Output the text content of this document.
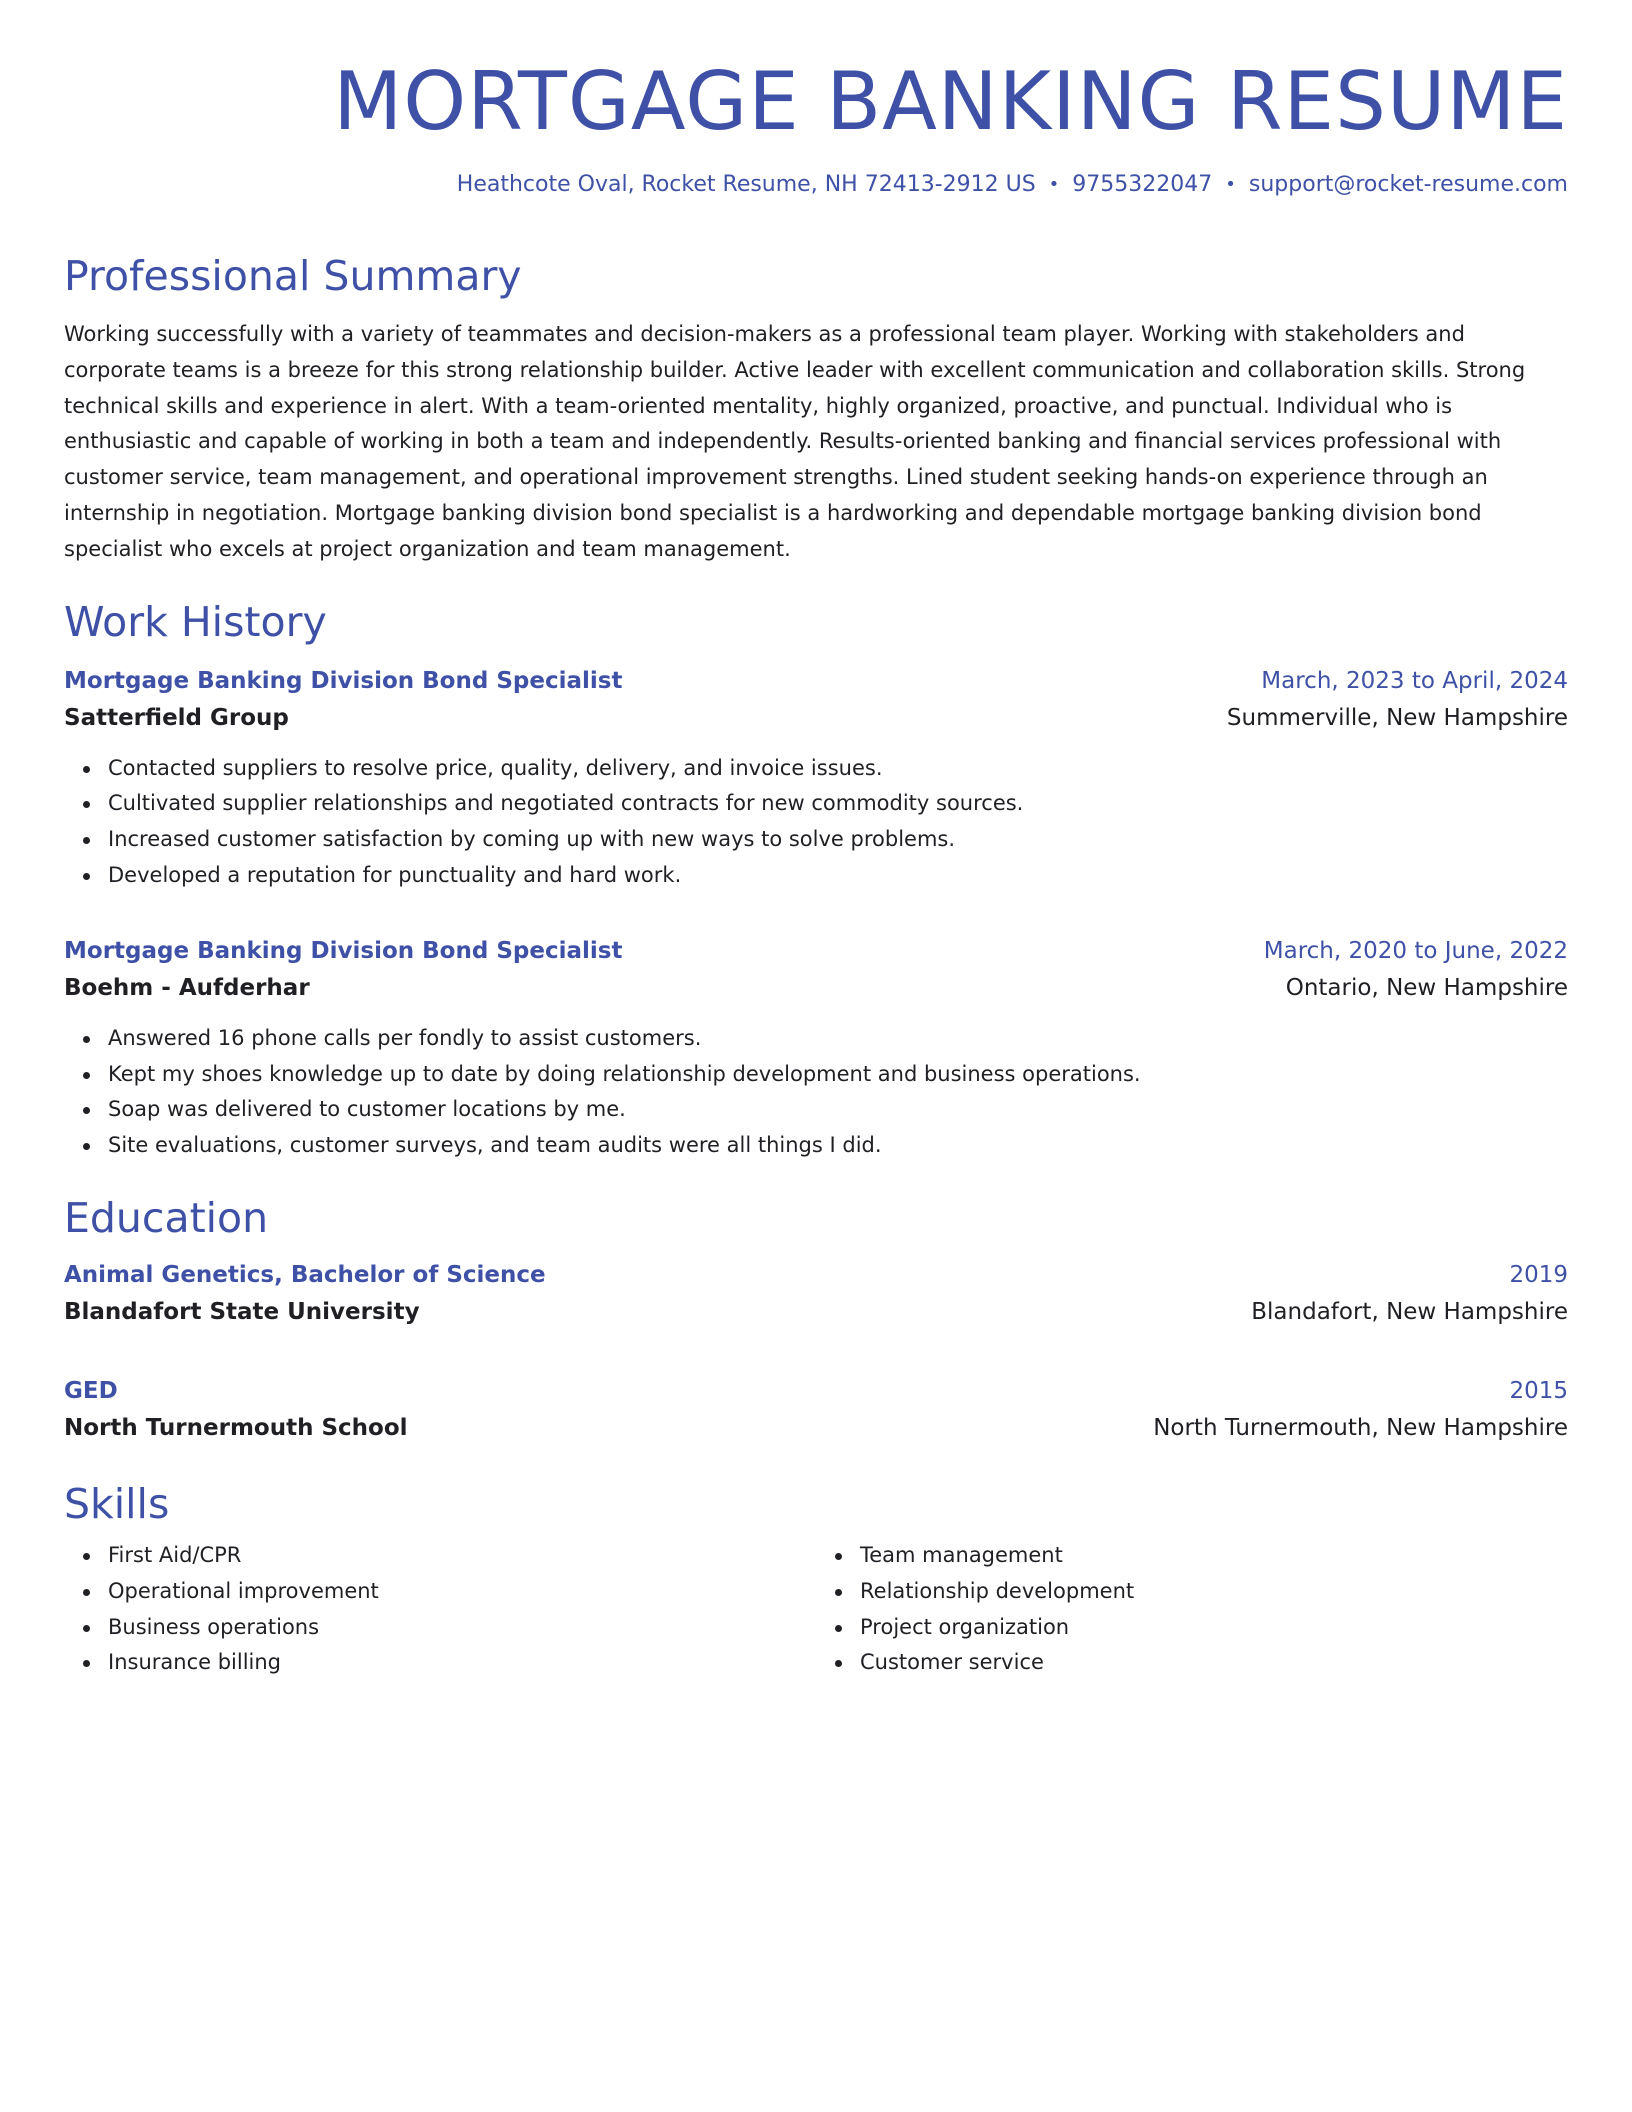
MORTGAGE BANKING RESUME
Heathcote Oval, Rocket Resume, NH 72413-2912 US • 9755322047 • support@rocket-resume.com
Professional Summary

Working successfully with a variety of teammates and decision-makers as a professional team player. Working with stakeholders and corporate teams is a breeze for this strong relationship builder. Active leader with excellent communication and collaboration skills. Strong technical skills and experience in alert. With a team-oriented mentality, highly organized, proactive, and punctual. Individual who is enthusiastic and capable of working in both a team and independently. Results-oriented banking and financial services professional with customer service, team management, and operational improvement strengths. Lined student seeking hands-on experience through an internship in negotiation. Mortgage banking division bond specialist is a hardworking and dependable mortgage banking division bond specialist who excels at project organization and team management.

Work History
Mortgage Banking Division Bond Specialist	March, 2023 to April, 2024
Satterfield Group	Summerville, New Hampshire
Contacted suppliers to resolve price, quality, delivery, and invoice issues.
Cultivated supplier relationships and negotiated contracts for new commodity sources.
Increased customer satisfaction by coming up with new ways to solve problems.
Developed a reputation for punctuality and hard work.
Mortgage Banking Division Bond Specialist	March, 2020 to June, 2022
Boehm - Aufderhar	Ontario, New Hampshire
Answered 16 phone calls per fondly to assist customers.
Kept my shoes knowledge up to date by doing relationship development and business operations.
Soap was delivered to customer locations by me.
Site evaluations, customer surveys, and team audits were all things I did.
Education
Animal Genetics, Bachelor of Science	2019
Blandafort State University	Blandafort, New Hampshire
GED	2015
North Turnermouth School	North Turnermouth, New Hampshire
Skills
First Aid/CPR
Operational improvement
Business operations
Insurance billing
Team management
Relationship development
Project organization
Customer service
